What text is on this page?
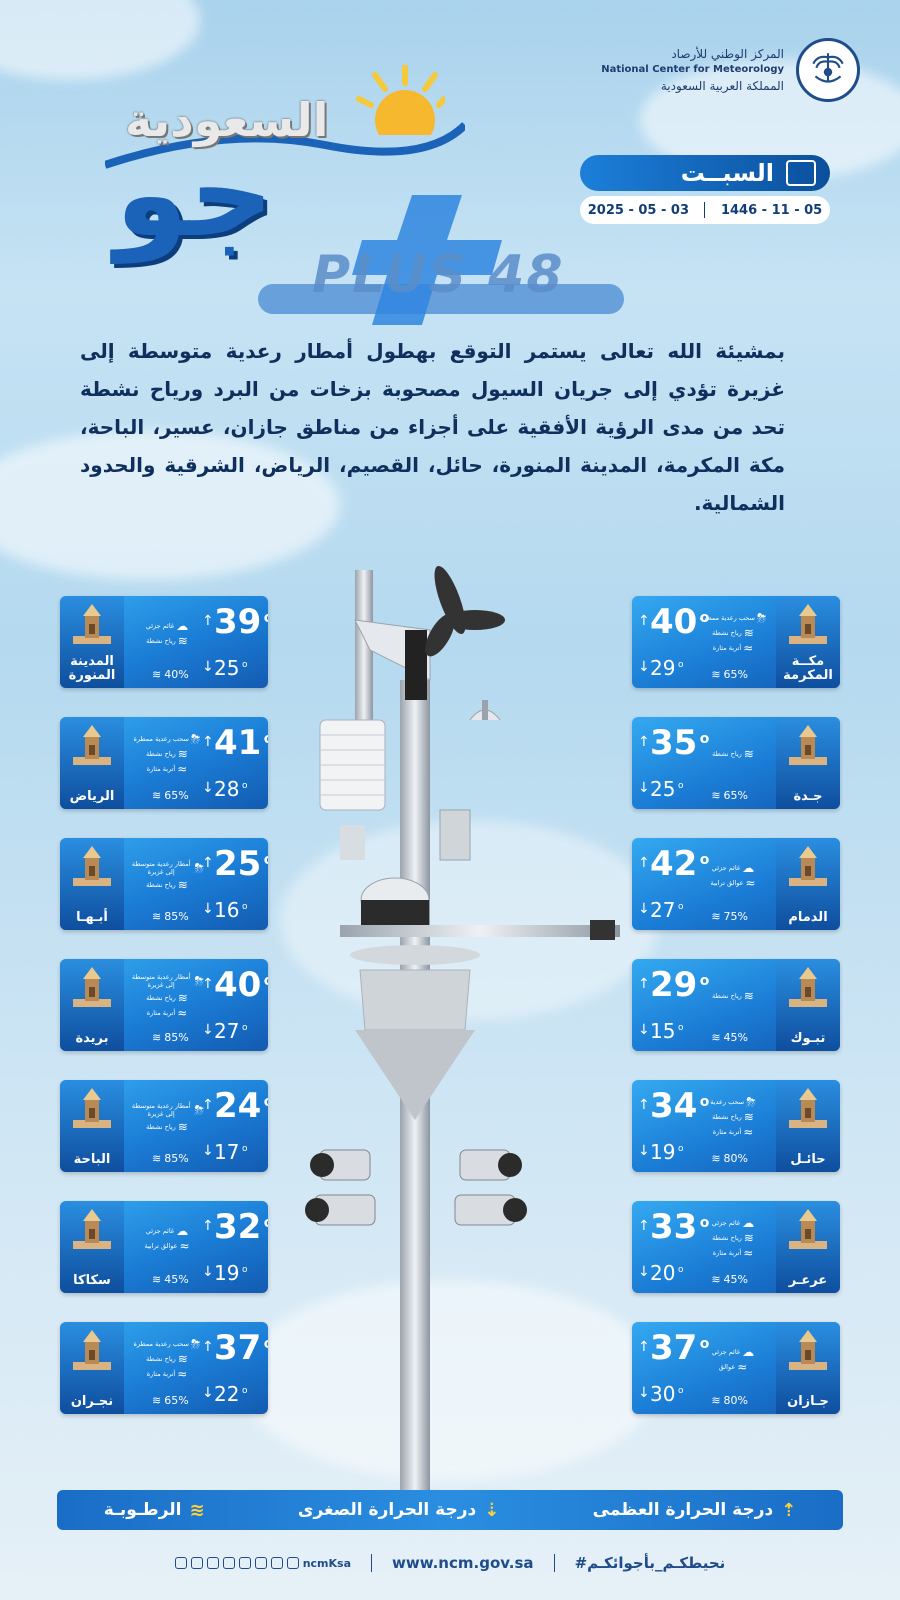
المركز الوطني للأرصاد
National Center for Meteorology
المملكة العربية السعودية
السعودية
جو
PLUS 48
السبــت
2025 - 05 - 03 1446 - 11 - 05
بمشيئة الله تعالى يستمر التوقع بهطول أمطار رعدية متوسطة إلى غزيرة تؤدي إلى جريان السيول مصحوبة بزخات من البرد ورياح نشطة تحد من مدى الرؤية الأفقية على أجزاء من مناطق جازان، عسير، الباحة، مكة المكرمة، المدينة المنورة، حائل، القصيم، الرياض، الشرقية والحدود الشمالية.
المدينة
المنورة
↑ 39 o
↓ 25 o
☁
غائم جزئي
≋
رياح نشطة
≋ 40%
الرياض
↑ 41 o
↓ 28 o
⛈
سحب رعدية ممطرة
≋
رياح نشطة
≈
أتربة مثارة
≋ 65%
أبـهـا
↑ 25 o
↓ 16 o
⛈
أمطار رعدية متوسطة إلى غزيرة
≋
رياح نشطة
≋ 85%
بريدة
↑ 40 o
↓ 27 o
⛈
أمطار رعدية متوسطة إلى غزيرة
≋
رياح نشطة
≈
أتربة مثارة
≋ 85%
الباحة
↑ 24 o
↓ 17 o
⛈
أمطار رعدية متوسطة إلى غزيرة
≋
رياح نشطة
≋ 85%
سكاكا
↑ 32 o
↓ 19 o
☁
غائم جزئي
≈
عوالق ترابية
≋ 45%
نجـران
↑ 37 o
↓ 22 o
⛈
سحب رعدية ممطرة
≋
رياح نشطة
≈
أتربة مثارة
≋ 65%
مكــة
المكرمة
↑ 40 o
↓ 29 o
⛈
سحب رعدية ممطرة
≋
رياح نشطة
≈
أتربة مثارة
≋ 65%
جـدة
↑ 35 o
↓ 25 o
≋
رياح نشطة
≋ 65%
الدمام
↑ 42 o
↓ 27 o
☁
غائم جزئي
≈
عوالق ترابية
≋ 75%
تبـوك
↑ 29 o
↓ 15 o
≋
رياح نشطة
≋ 45%
حائـل
↑ 34 o
↓ 19 o
⛈
سحب رعدية
≋
رياح نشطة
≈
أتربة مثارة
≋ 80%
عرعـر
↑ 33 o
↓ 20 o
☁
غائم جزئي
≋
رياح نشطة
≈
أتربة مثارة
≋ 45%
جـازان
↑ 37 o
↓ 30 o
☁
غائم جزئي
≈
عوالق
≋ 80%
⇡
درجة الحرارة العظمى
⇣
درجة الحرارة الصغرى
≋
الرطـوبـة
ncmKsa	www.ncm.gov.sa	#نحيطكـم_بأجوائكـم
